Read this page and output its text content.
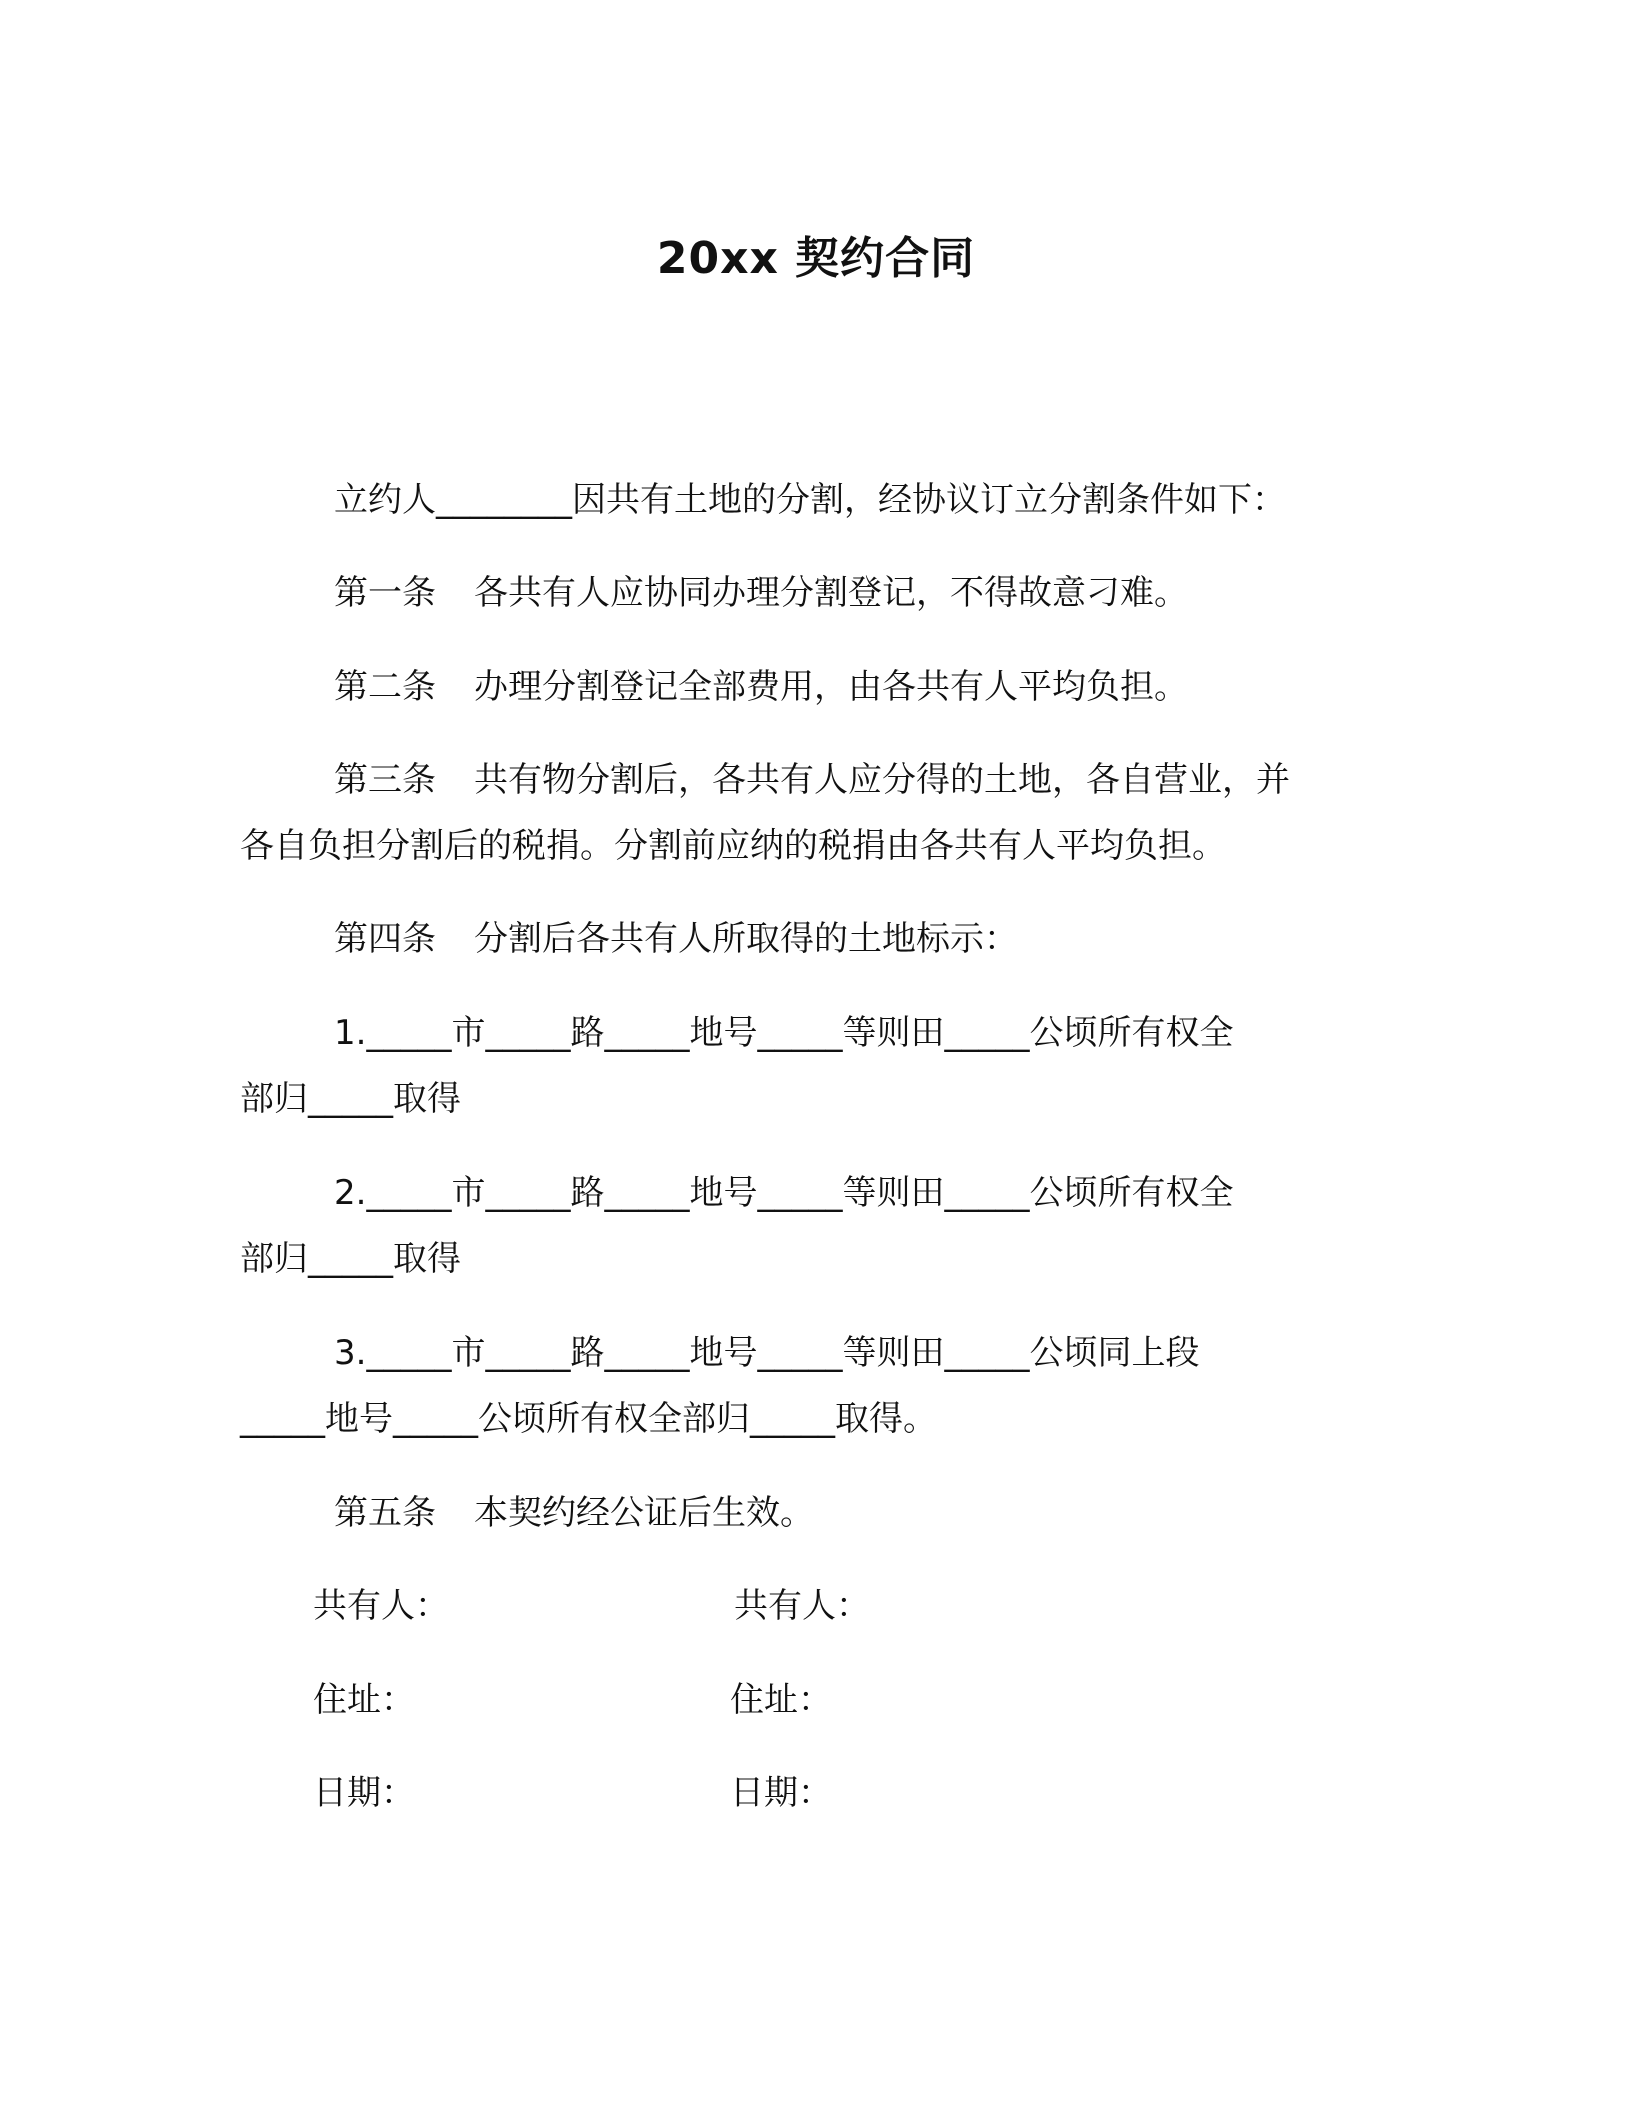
20xx 契约合同
立约人________因共有土地的分割，经协议订立分割条件如下：
第一条 各共有人应协同办理分割登记，不得故意刁难。
第二条 办理分割登记全部费用，由各共有人平均负担。
第三条 共有物分割后，各共有人应分得的土地，各自营业，并
各自负担分割后的税捐。分割前应纳的税捐由各共有人平均负担。
第四条 分割后各共有人所取得的土地标示：
1._____市_____路_____地号_____等则田_____公顷所有权全
部归_____取得
2._____市_____路_____地号_____等则田_____公顷所有权全
部归_____取得
3._____市_____路_____地号_____等则田_____公顷同上段
_____地号_____公顷所有权全部归_____取得。
第五条 本契约经公证后生效。
共有人：	共有人：
住址：	住址：
日期：	日期：
